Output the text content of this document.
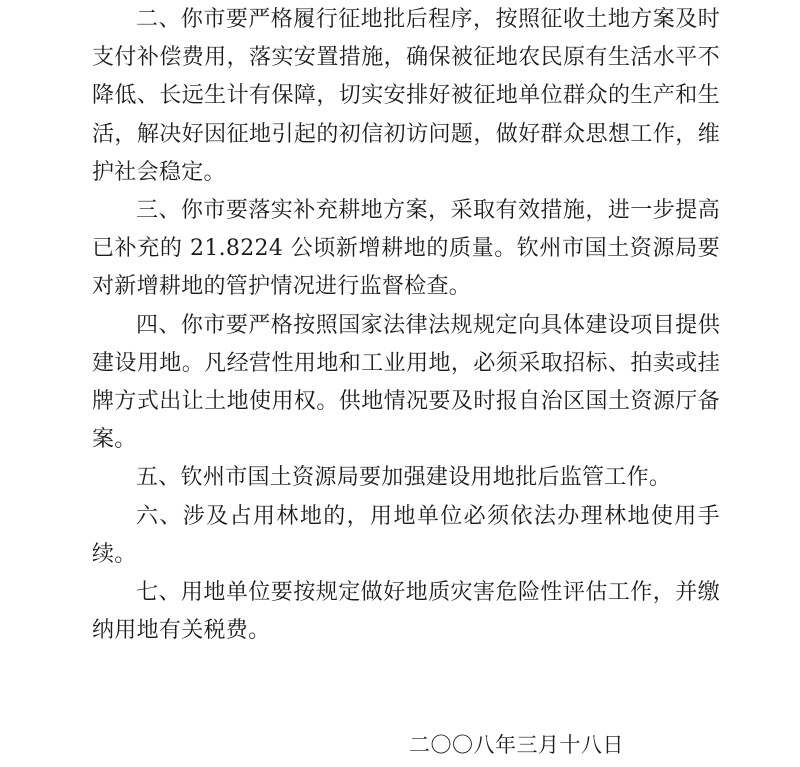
二、你市要严格履行征地批后程序，按照征收土地方案及时支付补偿费用，落实安置措施，确保被征地农民原有生活水平不降低、长远生计有保障，切实安排好被征地单位群众的生产和生活，解决好因征地引起的初信初访问题，做好群众思想工作，维护社会稳定。

三、你市要落实补充耕地方案，采取有效措施，进一步提高已补充的 21.8224 公顷新增耕地的质量。钦州市国土资源局要对新增耕地的管护情况进行监督检查。

四、你市要严格按照国家法律法规规定向具体建设项目提供建设用地。凡经营性用地和工业用地，必须采取招标、拍卖或挂牌方式出让土地使用权。供地情况要及时报自治区国土资源厅备案。

五、钦州市国土资源局要加强建设用地批后监管工作。

六、涉及占用林地的，用地单位必须依法办理林地使用手续。

七、用地单位要按规定做好地质灾害危险性评估工作，并缴纳用地有关税费。

二〇〇八年三月十八日
